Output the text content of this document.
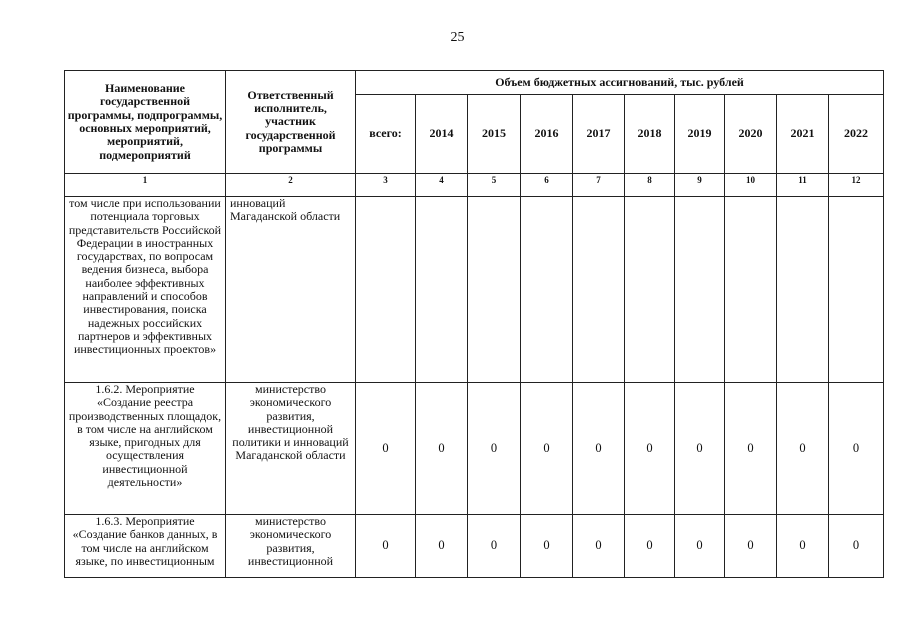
25
Наименование государственной программы, подпрограммы, основных мероприятий, мероприятий, подмероприятий	Ответственный исполнитель, участник государственной программы	Объем бюджетных ассигнований, тыс. рублей									
		всего:	2014	2015	2016	2017	2018	2019	2020	2021	2022
1	2	3	4	5	6	7	8	9	10	11	12
том числе при использовании потенциала торговых представительств Российской Федерации в иностранных государствах, по вопросам ведения бизнеса, выбора наиболее эффективных направлений и способов инвестирования, поиска надежных российских партнеров и эффективных инвестиционных проектов»	инноваций Магаданской области										
1.6.2. Мероприятие «Создание реестра производственных площадок, в том числе на английском языке, пригодных для осуществления инвестиционной деятельности»	министерство экономического развития, инвестиционной политики и инноваций Магаданской области	0	0	0	0	0	0	0	0	0	0
1.6.3. Мероприятие «Создание банков данных, в том числе на английском языке, по инвестиционным	министерство экономического развития, инвестиционной	0	0	0	0	0	0	0	0	0	0
